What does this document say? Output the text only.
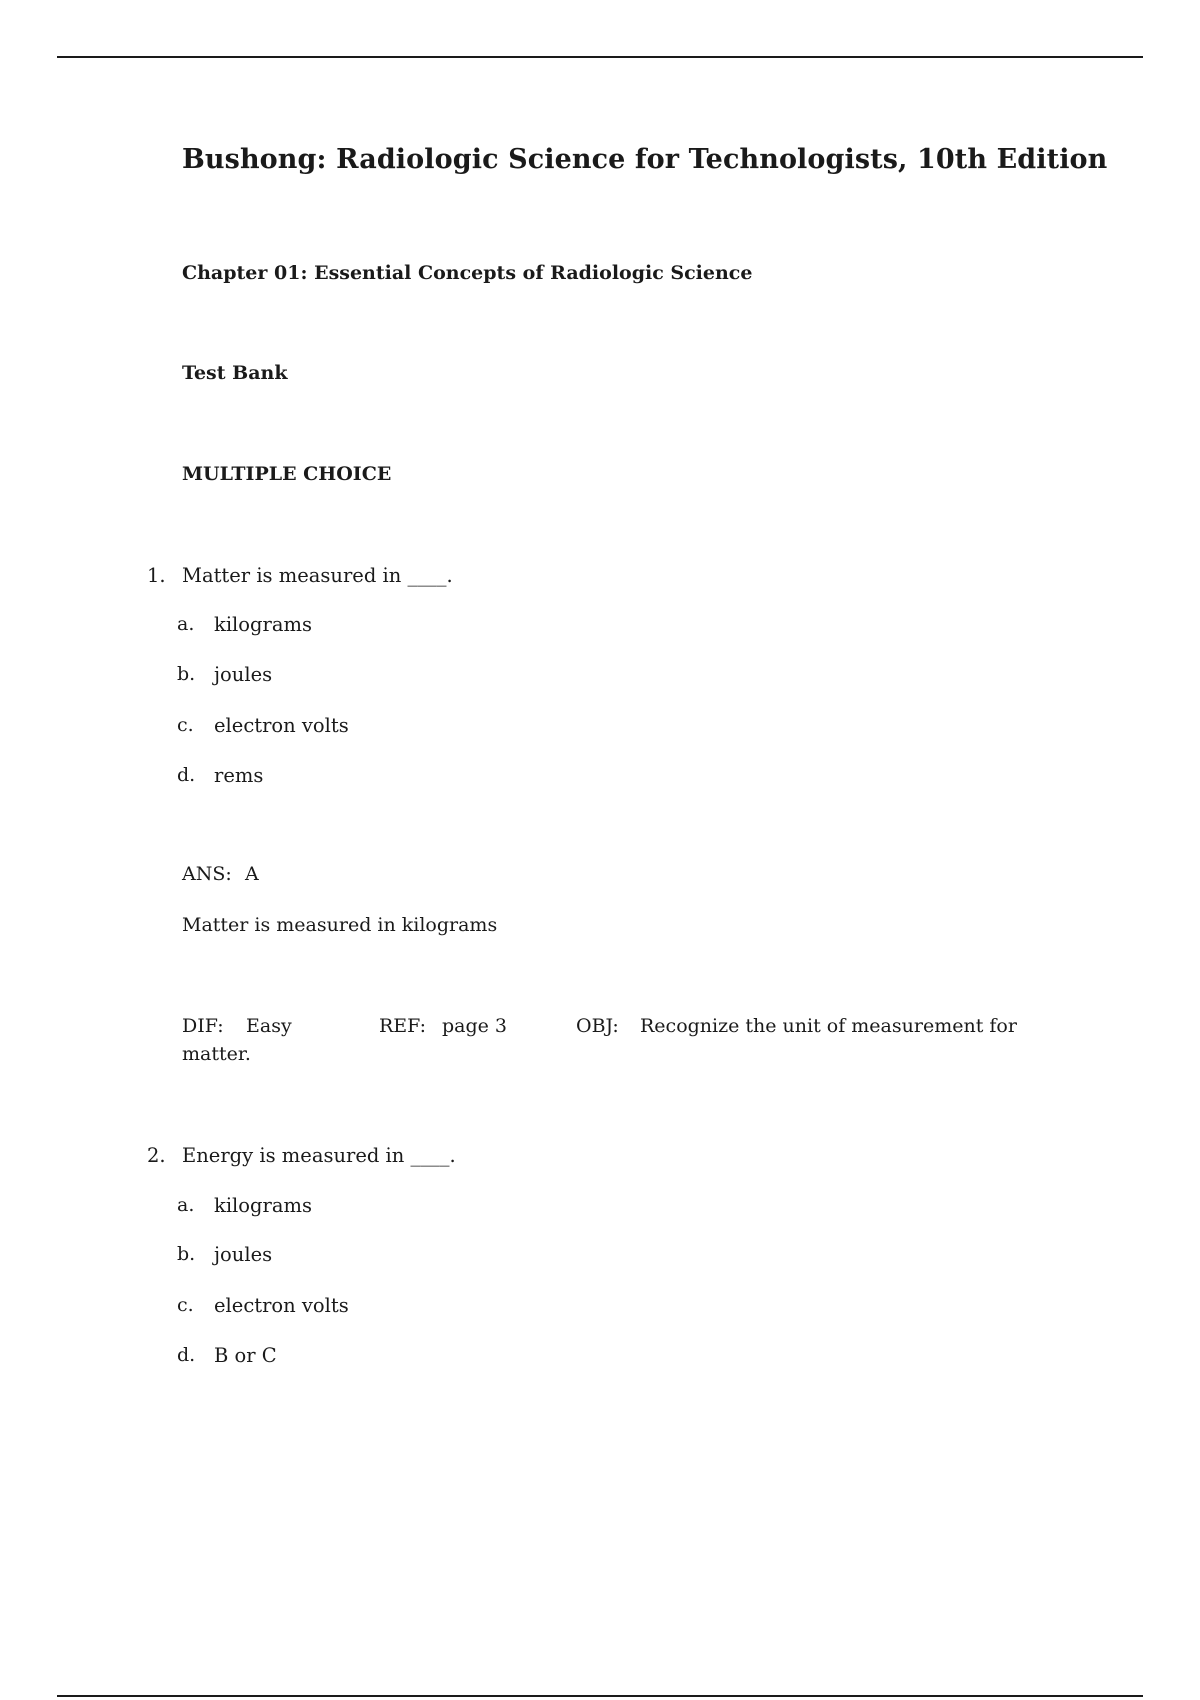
Bushong: Radiologic Science for Technologists, 10th Edition
Chapter 01: Essential Concepts of Radiologic Science
Test Bank
MULTIPLE CHOICE
1. Matter is measured in ____.
a. kilograms
b. joules
c. electron volts
d. rems
ANS: A
Matter is measured in kilograms
DIF: Easy	REF: page 3	OBJ: Recognize the unit of measurement for
matter.
2. Energy is measured in ____.
a. kilograms
b. joules
c. electron volts
d. B or C
